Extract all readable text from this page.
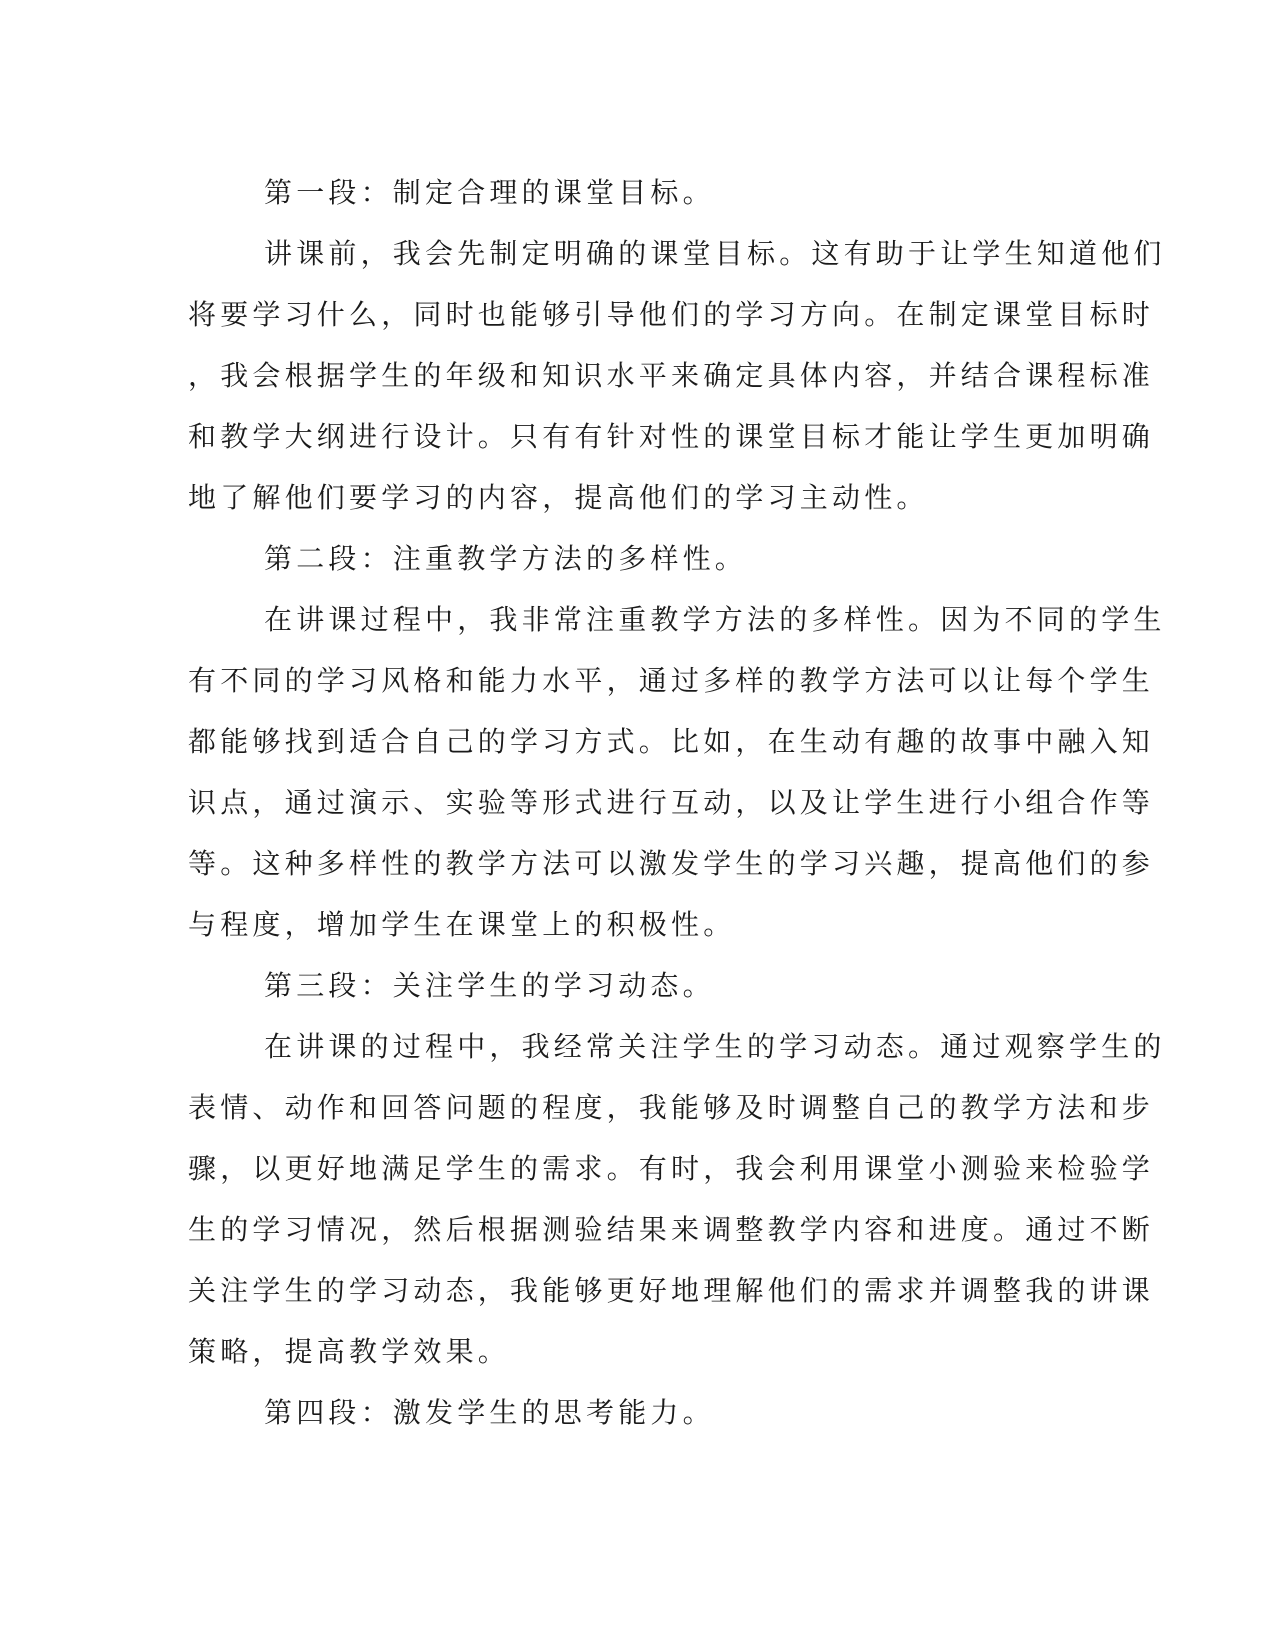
第一段：制定合理的课堂目标。
讲课前，我会先制定明确的课堂目标。这有助于让学生知道他们
将要学习什么，同时也能够引导他们的学习方向。在制定课堂目标时
，我会根据学生的年级和知识水平来确定具体内容，并结合课程标准
和教学大纲进行设计。只有有针对性的课堂目标才能让学生更加明确
地了解他们要学习的内容，提高他们的学习主动性。
第二段：注重教学方法的多样性。
在讲课过程中，我非常注重教学方法的多样性。因为不同的学生
有不同的学习风格和能力水平，通过多样的教学方法可以让每个学生
都能够找到适合自己的学习方式。比如，在生动有趣的故事中融入知
识点，通过演示、实验等形式进行互动，以及让学生进行小组合作等
等。这种多样性的教学方法可以激发学生的学习兴趣，提高他们的参
与程度，增加学生在课堂上的积极性。
第三段：关注学生的学习动态。
在讲课的过程中，我经常关注学生的学习动态。通过观察学生的
表情、动作和回答问题的程度，我能够及时调整自己的教学方法和步
骤，以更好地满足学生的需求。有时，我会利用课堂小测验来检验学
生的学习情况，然后根据测验结果来调整教学内容和进度。通过不断
关注学生的学习动态，我能够更好地理解他们的需求并调整我的讲课
策略，提高教学效果。
第四段：激发学生的思考能力。
